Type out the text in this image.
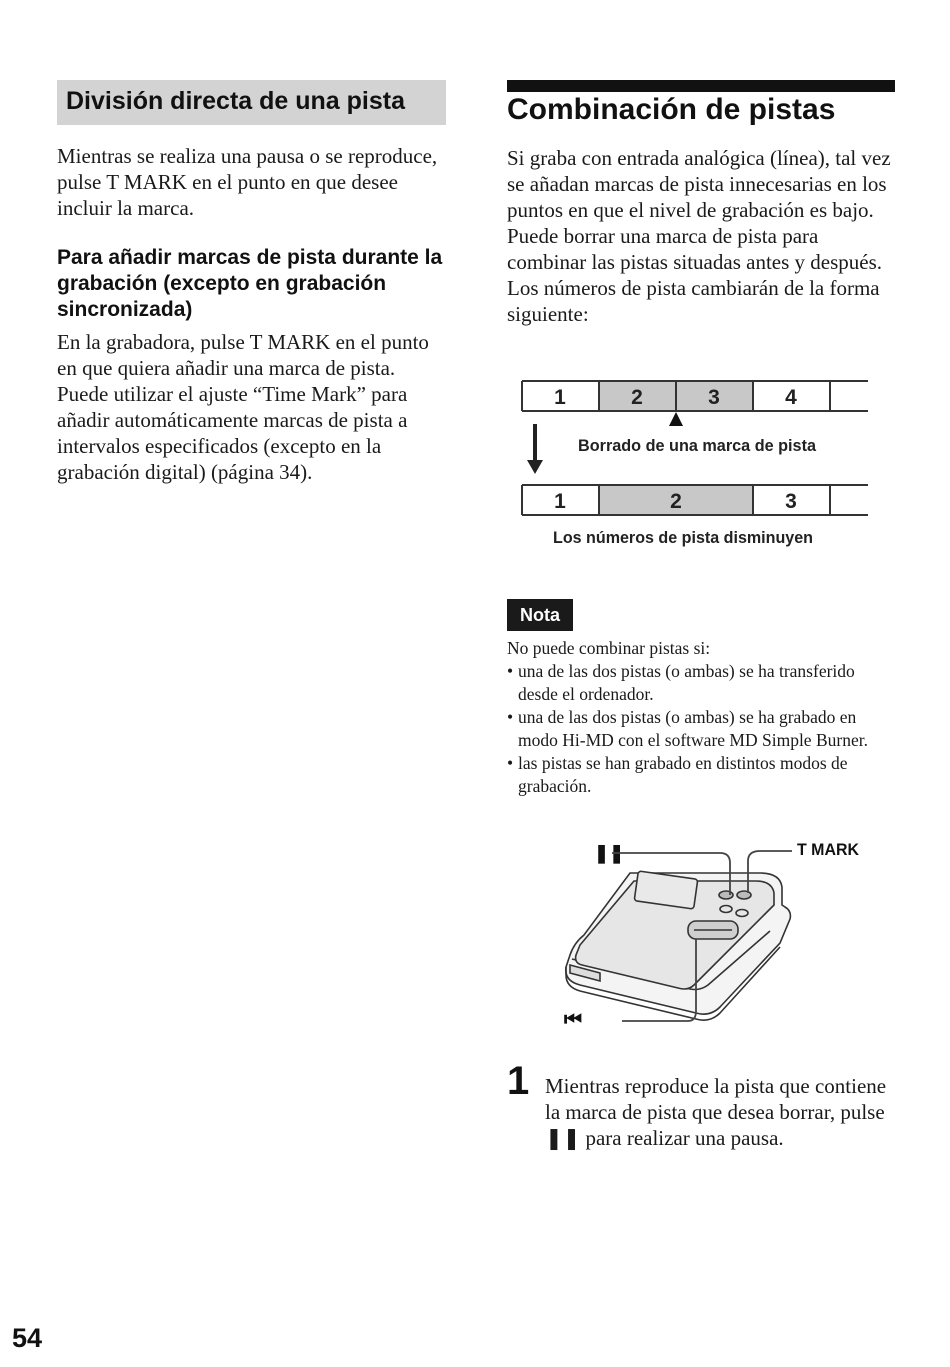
División directa de una pista

Mientras se realiza una pausa o se reproduce, pulse T MARK en el punto en que desee incluir la marca.

Para añadir marcas de pista durante la grabación (excepto en grabación sincronizada)
En la grabadora, pulse T MARK en el punto en que quiera añadir una marca de pista.
Puede utilizar el ajuste “Time Mark” para añadir automáticamente marcas de pista a intervalos especificados (excepto en la grabación digital) (página 34).
Combinación de pistas
Si graba con entrada analógica (línea), tal vez se añadan marcas de pista innecesarias en los puntos en que el nivel de grabación es bajo. Puede borrar una marca de pista para combinar las pistas situadas antes y después.
Los números de pista cambiarán de la forma siguiente:
1	2	3	4
Borrado de una marca de pista
1	2	3
Los números de pista disminuyen
Nota
No puede combinar pistas si:
• una de las dos pistas (o ambas) se ha transferido desde el ordenador.
• una de las dos pistas (o ambas) se ha grabado en modo Hi-MD con el software MD Simple Burner.
• las pistas se han grabado en distintos modos de grabación.
❚❚	T MARK
⏮
1 Mientras reproduce la pista que contiene la marca de pista que desea borrar, pulse ❚❚ para realizar una pausa.

54
